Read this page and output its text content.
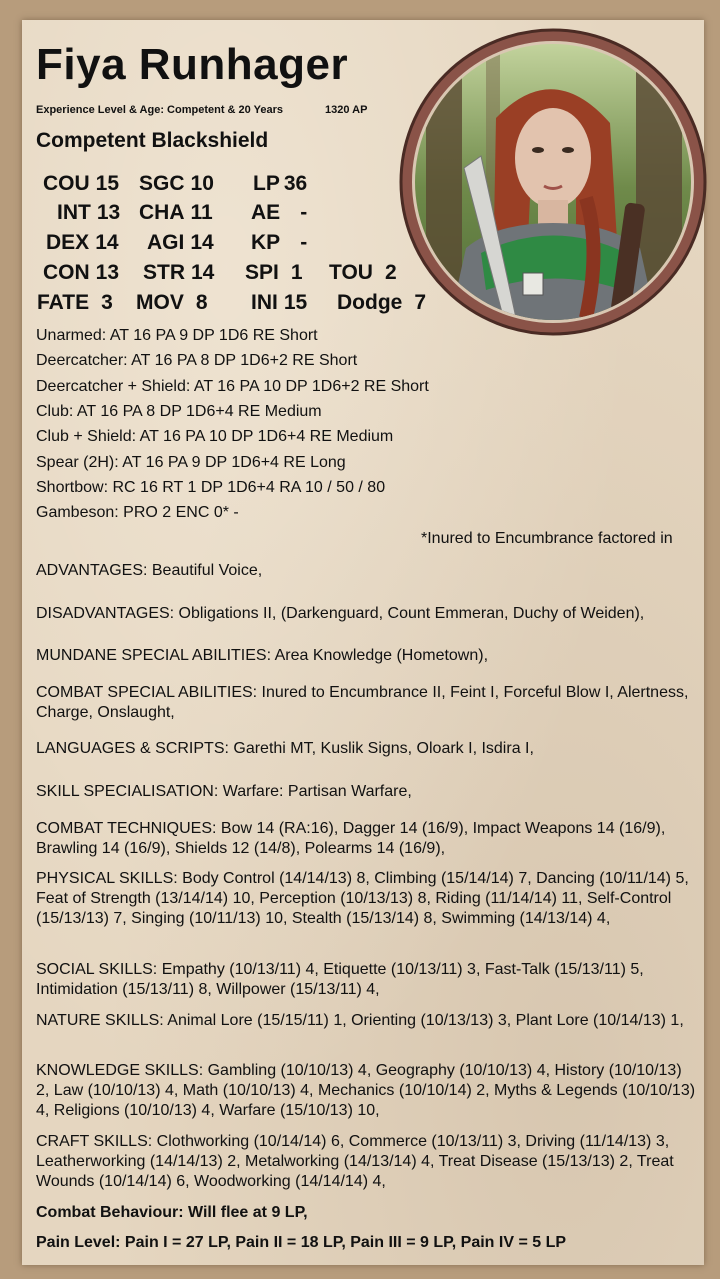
Fiya Runhager
Experience Level & Age: Competent & 20 Years	1320 AP
Competent Blackshield
COU 15 SGC 10 LP 36
INT 13 CHA 11 AE -
DEX 14 AGI 14 KP -
CON 13 STR 14 SPI 1 TOU 2
FATE 3 MOV 8 INI 15 Dodge 7
Unarmed: AT 16 PA 9 DP 1D6 RE Short
Deercatcher: AT 16 PA 8 DP 1D6+2 RE Short
Deercatcher + Shield: AT 16 PA 10 DP 1D6+2 RE Short
Club: AT 16 PA 8 DP 1D6+4 RE Medium
Club + Shield: AT 16 PA 10 DP 1D6+4 RE Medium
Spear (2H): AT 16 PA 9 DP 1D6+4 RE Long
Shortbow: RC 16 RT 1 DP 1D6+4 RA 10 / 50 / 80
Gambeson: PRO 2 ENC 0* -
*Inured to Encumbrance factored in
ADVANTAGES: Beautiful Voice,
DISADVANTAGES: Obligations II, (Darkenguard, Count Emmeran, Duchy of Weiden),
MUNDANE SPECIAL ABILITIES: Area Knowledge (Hometown),
COMBAT SPECIAL ABILITIES: Inured to Encumbrance II, Feint I, Forceful Blow I, Alertness, Charge, Onslaught,
LANGUAGES & SCRIPTS: Garethi MT, Kuslik Signs, Oloark I, Isdira I,
SKILL SPECIALISATION: Warfare: Partisan Warfare,
COMBAT TECHNIQUES: Bow 14 (RA:16), Dagger 14 (16/9), Impact Weapons 14 (16/9), Brawling 14 (16/9), Shields 12 (14/8), Polearms 14 (16/9),
PHYSICAL SKILLS: Body Control (14/14/13) 8, Climbing (15/14/14) 7, Dancing (10/11/14) 5, Feat of Strength (13/14/14) 10, Perception (10/13/13) 8, Riding (11/14/14) 11, Self-Control (15/13/13) 7, Singing (10/11/13) 10, Stealth (15/13/14) 8, Swimming (14/13/14) 4,
SOCIAL SKILLS: Empathy (10/13/11) 4, Etiquette (10/13/11) 3, Fast-Talk (15/13/11) 5, Intimidation (15/13/11) 8, Willpower (15/13/11) 4,
NATURE SKILLS: Animal Lore (15/15/11) 1, Orienting (10/13/13) 3, Plant Lore (10/14/13) 1,
KNOWLEDGE SKILLS: Gambling (10/10/13) 4, Geography (10/10/13) 4, History (10/10/13) 2, Law (10/10/13) 4, Math (10/10/13) 4, Mechanics (10/10/14) 2, Myths & Legends (10/10/13) 4, Religions (10/10/13) 4, Warfare (15/10/13) 10,
CRAFT SKILLS: Clothworking (10/14/14) 6, Commerce (10/13/11) 3, Driving (11/14/13) 3, Leatherworking (14/14/13) 2, Metalworking (14/13/14) 4, Treat Disease (15/13/13) 2, Treat Wounds (10/14/14) 6, Woodworking (14/14/14) 4,
Combat Behaviour: Will flee at 9 LP,
Pain Level: Pain I = 27 LP, Pain II = 18 LP, Pain III = 9 LP, Pain IV = 5 LP
